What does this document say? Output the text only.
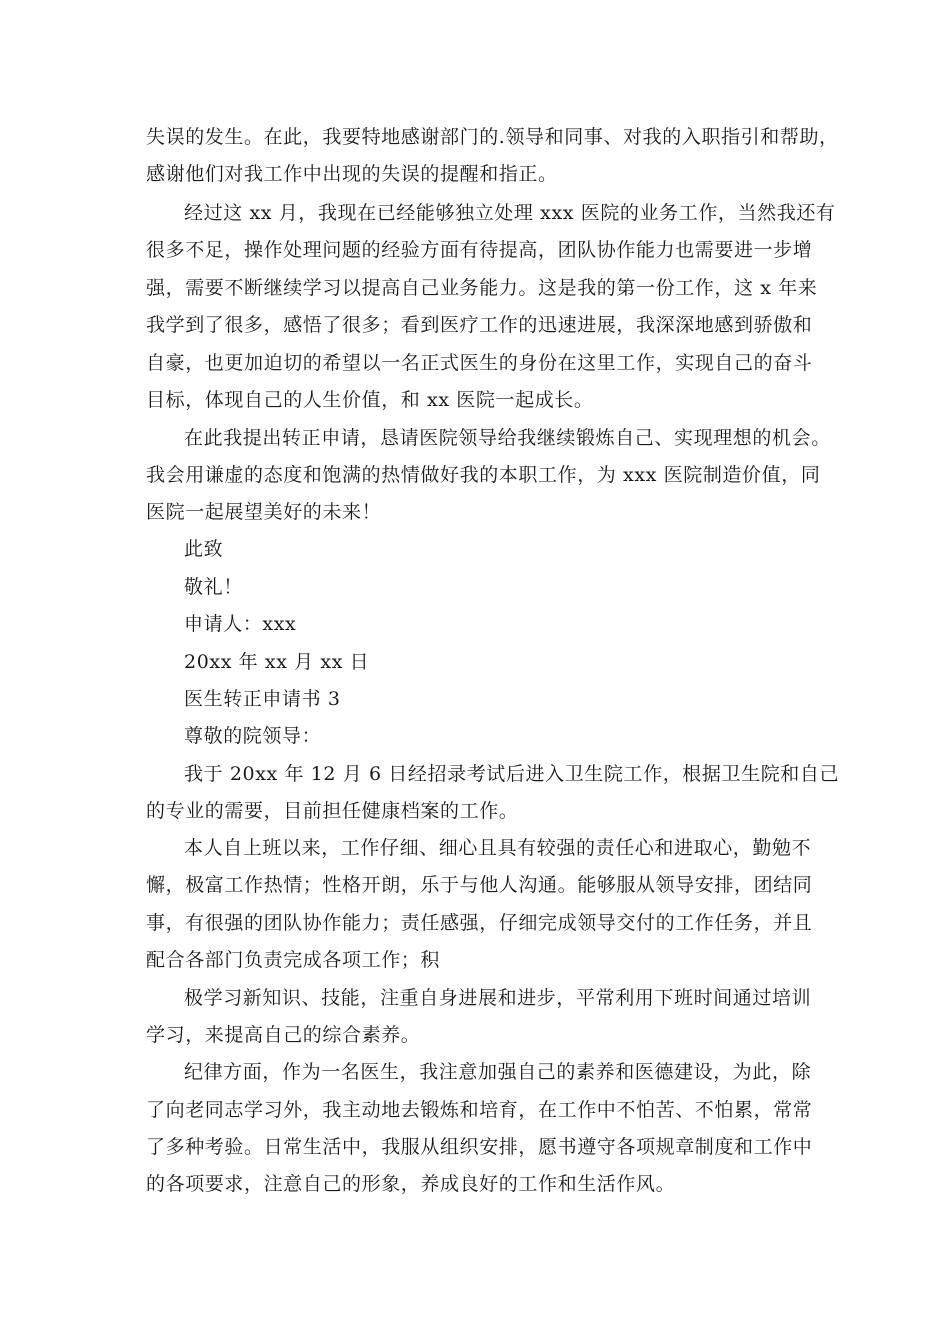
失误的发生。在此，我要特地感谢部门的.领导和同事、对我的入职指引和帮助，
感谢他们对我工作中出现的失误的提醒和指正。
经过这 xx 月，我现在已经能够独立处理 xxx 医院的业务工作，当然我还有
很多不足，操作处理问题的经验方面有待提高，团队协作能力也需要进一步增
强，需要不断继续学习以提高自己业务能力。这是我的第一份工作，这 x 年来
我学到了很多，感悟了很多；看到医疗工作的迅速进展，我深深地感到骄傲和
自豪，也更加迫切的希望以一名正式医生的身份在这里工作，实现自己的奋斗
目标，体现自己的人生价值，和 xx 医院一起成长。
在此我提出转正申请，恳请医院领导给我继续锻炼自己、实现理想的机会。
我会用谦虚的态度和饱满的热情做好我的本职工作，为 xxx 医院制造价值，同
医院一起展望美好的未来！
此致
敬礼！
申请人：xxx
20xx 年 xx 月 xx 日
医生转正申请书 3
尊敬的院领导：
我于 20xx 年 12 月 6 日经招录考试后进入卫生院工作，根据卫生院和自己
的专业的需要，目前担任健康档案的工作。
本人自上班以来，工作仔细、细心且具有较强的责任心和进取心，勤勉不
懈，极富工作热情；性格开朗，乐于与他人沟通。能够服从领导安排，团结同
事，有很强的团队协作能力；责任感强，仔细完成领导交付的工作任务，并且
配合各部门负责完成各项工作；积
极学习新知识、技能，注重自身进展和进步，平常利用下班时间通过培训
学习，来提高自己的综合素养。
纪律方面，作为一名医生，我注意加强自己的素养和医德建设，为此，除
了向老同志学习外，我主动地去锻炼和培育，在工作中不怕苦、不怕累，常常
了多种考验。日常生活中，我服从组织安排，愿书遵守各项规章制度和工作中
的各项要求，注意自己的形象，养成良好的工作和生活作风。
